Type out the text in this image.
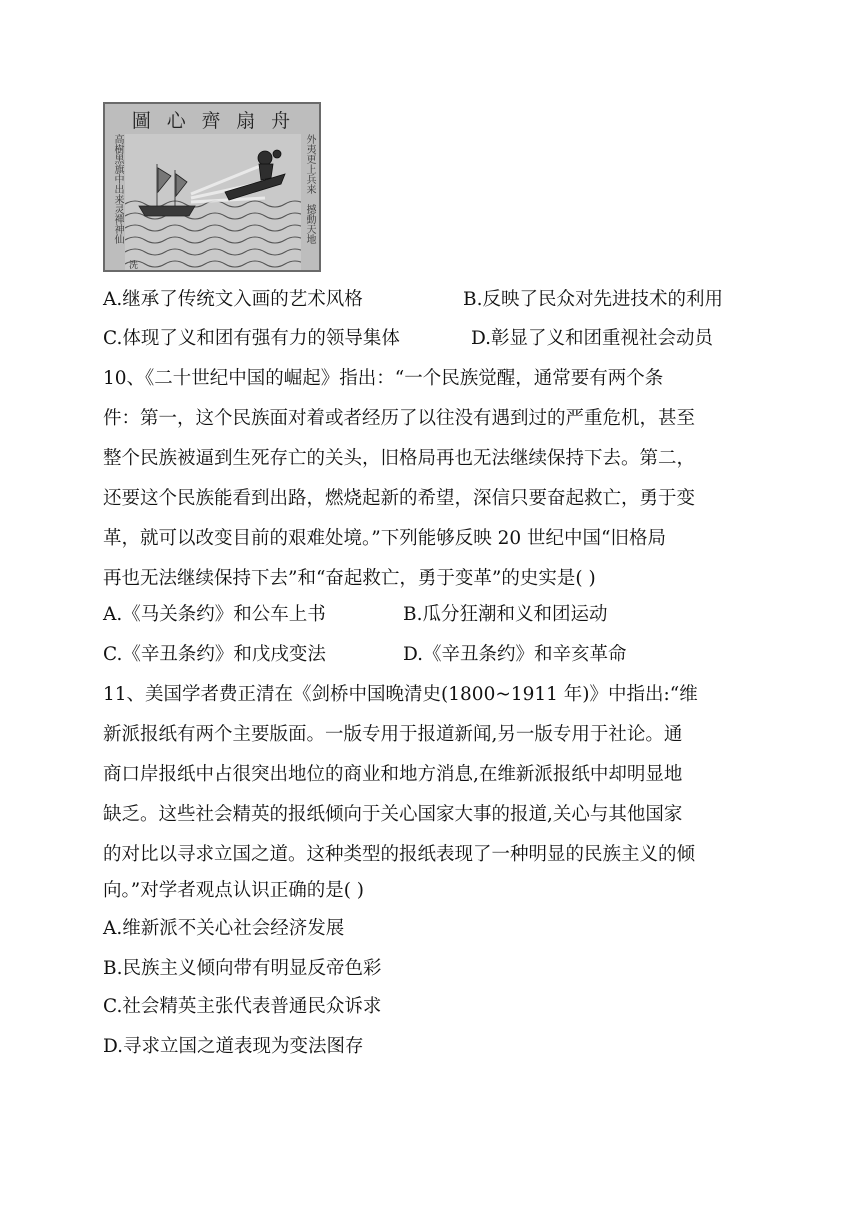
圖 心 齊 扇 舟
高樹黑旗中出来灵禪神仙	外夷更上兵来
撼動天地
洗
A.继承了传统文入画的艺术风格	B.反映了民众对先进技术的利用
C.体现了义和团有强有力的领导集体	D.彰显了义和团重视社会动员
10、《二十世纪中国的崛起》指出：“一个民族觉醒，通常要有两个条
件：第一，这个民族面对着或者经历了以往没有遇到过的严重危机，甚至
整个民族被逼到生死存亡的关头，旧格局再也无法继续保持下去。第二，
还要这个民族能看到出路，燃烧起新的希望，深信只要奋起救亡，勇于变
革，就可以改变目前的艰难处境。”下列能够反映 20 世纪中国“旧格局
再也无法继续保持下去”和“奋起救亡，勇于变革”的史实是( )
A.《马关条约》和公车上书	B.瓜分狂潮和义和团运动
C.《辛丑条约》和戊戌变法	D.《辛丑条约》和辛亥革命
11、美国学者费正清在《剑桥中国晚清史(1800~1911 年)》中指出:“维
新派报纸有两个主要版面。一版专用于报道新闻,另一版专用于社论。通
商口岸报纸中占很突出地位的商业和地方消息,在维新派报纸中却明显地
缺乏。这些社会精英的报纸倾向于关心国家大事的报道,关心与其他国家
的对比以寻求立国之道。这种类型的报纸表现了一种明显的民族主义的倾
向。”对学者观点认识正确的是( )
A.维新派不关心社会经济发展
B.民族主义倾向带有明显反帝色彩
C.社会精英主张代表普通民众诉求
D.寻求立国之道表现为变法图存
